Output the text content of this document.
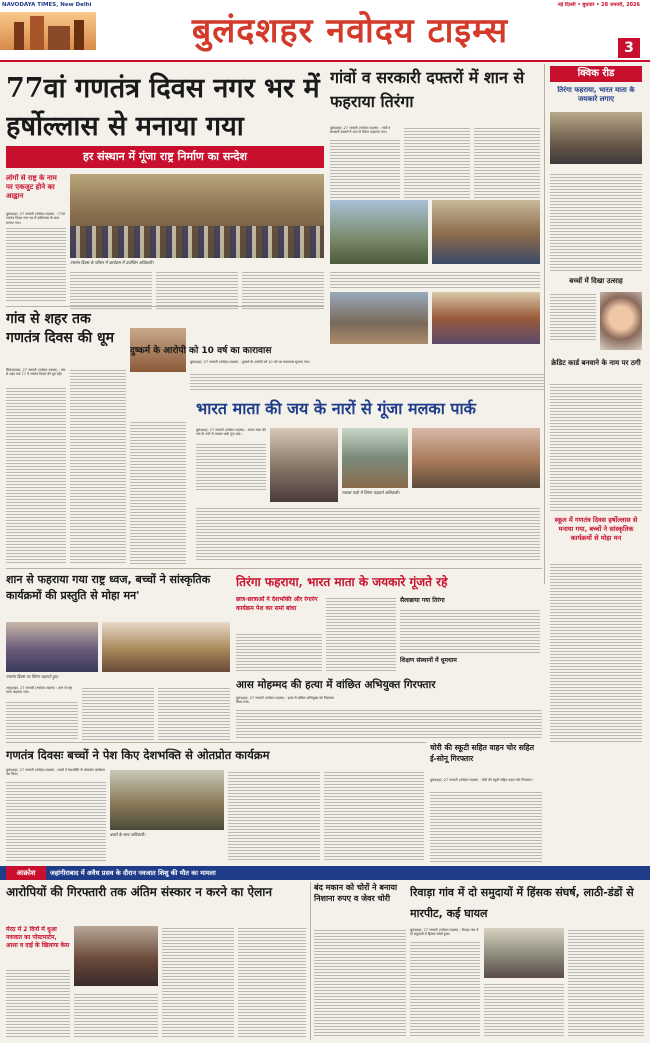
NAVODAYA TIMES, New Delhi	नई दिल्ली • बुधवार • 28 जनवरी, 2026
बुलंदशहर नवोदय टाइम्स	3
77वां गणतंत्र दिवस नगर भर में हर्षोल्लास से मनाया गया
हर संस्थान में गूंजा राष्ट्र निर्माण का सन्देश
लोगों से राष्ट्र के नाम पर एकजुट होने का आह्वान
बुलंदशहर, 27 जनवरी (नवोदय टाइम्स) : 77वां गणतंत्र दिवस नगर भर में हर्षोल्लास के साथ मनाया गया।
गणतंत्र दिवस के परिसर में कार्यक्रम में उपस्थित अधिकारी।
गांवों व सरकारी दफ्तरों में शान से फहराया तिरंगा
बुलंदशहर, 27 जनवरी (नवोदय टाइम्स) : गांवों व सरकारी दफ्तरों में शान से तिरंगा फहराया गया।
क्विक रीड
तिरंगा फहराया, भारत माता के जयकारे लगाए
बच्चों में दिखा उत्साह
क्रेडिट कार्ड बनवाने के नाम पर ठगी
स्कूल में गणतंत्र दिवस हर्षोल्लास से मनाया गया, बच्चों ने सांस्कृतिक कार्यक्रमों से मोहा मन
गांव से शहर तक गणतंत्र दिवस की धूम
सिकंदराबाद, 27 जनवरी (नवोदय टाइम्स) : गांव से शहर तक 77 वें गणतंत्र दिवस की धूम रही।
दुष्कर्म के आरोपी को 10 वर्ष का कारावास
बुलंदशहर, 27 जनवरी (नवोदय टाइम्स) : दुष्कर्म के आरोपी को 10 वर्ष का कारावास सुनाया गया।
भारत माता की जय के नारों से गूंजा मलका पार्क
बुलंदशहर, 27 जनवरी (नवोदय टाइम्स) : भारत माता की जय के नारों से मलका पार्क गूंज उठा।
मलका पार्क में तिरंगा फहराते अधिकारी।
शान से फहराया गया राष्ट्र ध्वज, बच्चों ने सांस्कृतिक कार्यक्रमों की प्रस्तुति से मोहा मन'
गणतंत्र दिवस पर तिरंगा फहराते हुए।
अनूपशहर, 27 जनवरी (नवोदय टाइम्स) : शान से राष्ट्र ध्वज फहराया गया।
तिरंगा फहराया, भारत माता के जयकारे गूंजते रहे
छात्र-छात्राओं ने देशभक्ति और रंगारंग कार्यक्रम पेश कर समां बांधा
सैलाब्राया गया तिरंगा
शिक्षण संस्थानों में धूमधाम
आस मोहम्मद की हत्या में वांछित अभियुक्त गिरफ्तार
बुलंदशहर, 27 जनवरी (नवोदय टाइम्स) : हत्या में वांछित अभियुक्त को गिरफ्तार किया गया।
गणतंत्र दिवसः बच्चों ने पेश किए देशभक्ति से ओतप्रोत कार्यक्रम
बुलंदशहर, 27 जनवरी (नवोदय टाइम्स) : बच्चों ने देशभक्ति से ओतप्रोत कार्यक्रम पेश किए।
बच्चों के साथ अधिकारी।
चोरी की स्कूटी सहित वाहन चोर सहित ई-सोनू गिरफ्तार
बुलंदशहर, 27 जनवरी (नवोदय टाइम्स) : चोरी की स्कूटी सहित वाहन चोर गिरफ्तार।
आक्रोश	जहांगीराबाद में अवैध प्रसव के दौरान नवजात शिशु की मौत का मामला
आरोपियों की गिरफ्तारी तक अंतिम संस्कार न करने का ऐलान
मेरठ में 2 दिनों में धुआ नवजात का पोस्टमार्टम, आशा व दाई के खिलाफ केस
बंद मकान को चोरों ने बनाया निशाना रुपए व जेवर चोरी	रिवाड़ा गांव में दो समुदायों में हिंसक संघर्ष, लाठी-डंडों से मारपीट, कई घायल
बुलंदशहर, 27 जनवरी (नवोदय टाइम्स) : रिवाड़ा गांव में दो समुदायों में हिंसक संघर्ष हुआ।
